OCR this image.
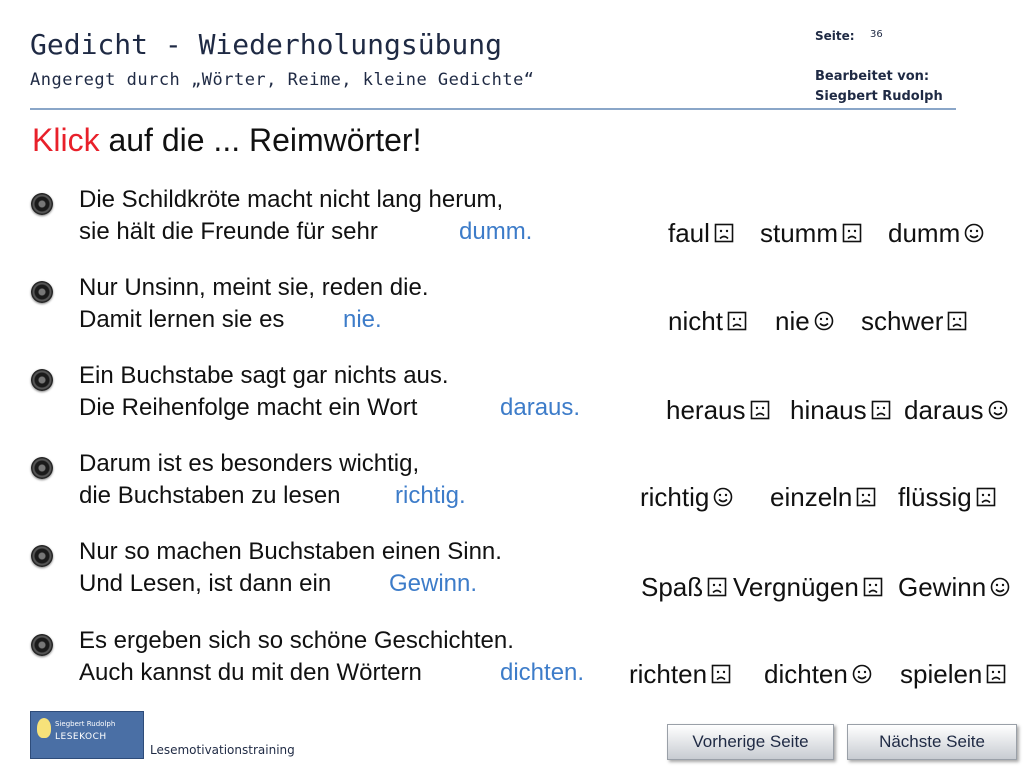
Gedicht - Wiederholungsübung
Angeregt durch „Wörter, Reime, kleine Gedichte“
Seite: 36
Bearbeitet von:
Siegbert Rudolph
Klick auf die ... Reimwörter!
Die Schildkröte macht nicht lang herum,
sie hält die Freunde für sehr	dumm.
Nur Unsinn, meint sie, reden die.
Damit lernen sie es nie.
Ein Buchstabe sagt gar nichts aus.
Die Reihenfolge macht ein Wort	daraus.
Darum ist es besonders wichtig,
die Buchstaben zu lesen richtig.
Nur so machen Buchstaben einen Sinn.
Und Lesen, ist dann ein Gewinn.
Es ergeben sich so schöne Geschichten.
Auch kannst du mit den Wörtern	dichten.
faul	stumm	dumm
nicht	nie	schwer
heraus	hinaus	daraus
richtig	einzeln	flüssig
Spaß	Vergnügen	Gewinn
richten	dichten	spielen
Siegbert Rudolph
LESEKOCH
Lesemotivationstraining	Vorherige Seite	Nächste Seite
